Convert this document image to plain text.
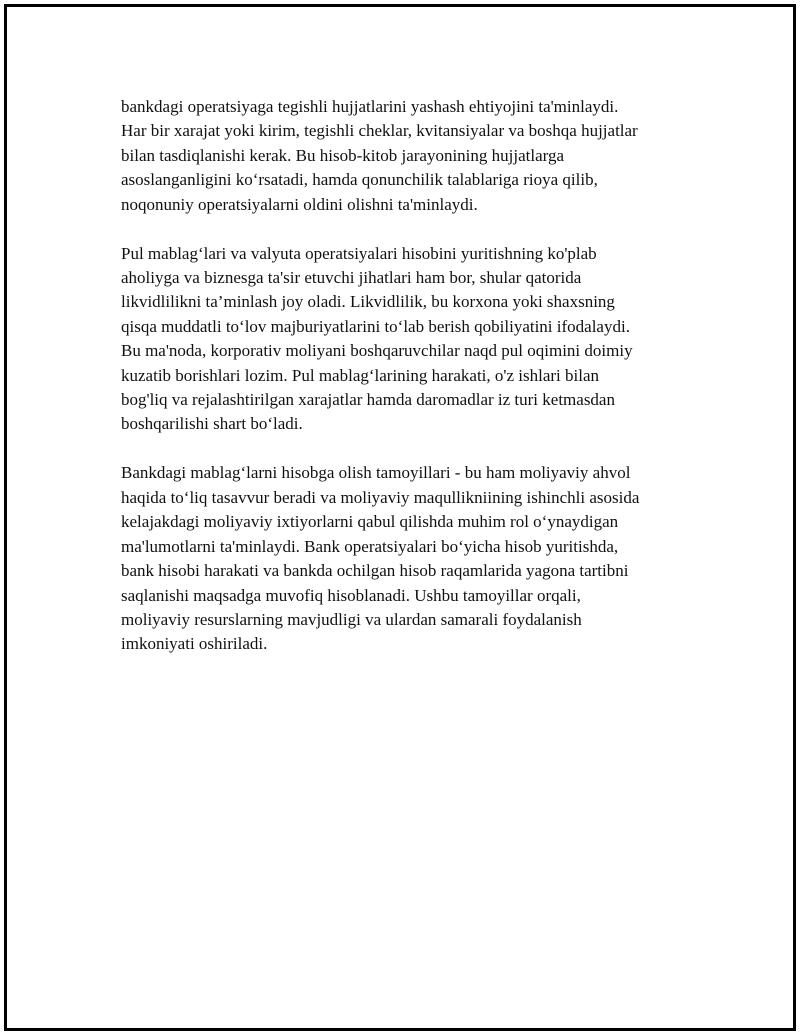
bankdagi operatsiyaga tegishli hujjatlarini yashash ehtiyojini ta'minlaydi.
Har bir xarajat yoki kirim, tegishli cheklar, kvitansiyalar va boshqa hujjatlar
bilan tasdiqlanishi kerak. Bu hisob-kitob jarayonining hujjatlarga
asoslanganligini ko‘rsatadi, hamda qonunchilik talablariga rioya qilib,
noqonuniy operatsiyalarni oldini olishni ta'minlaydi.

Pul mablag‘lari va valyuta operatsiyalari hisobini yuritishning ko'plab
aholiyga va biznesga ta'sir etuvchi jihatlari ham bor, shular qatorida
likvidlilikni ta’minlash joy oladi. Likvidlilik, bu korxona yoki shaxsning
qisqa muddatli to‘lov majburiyatlarini to‘lab berish qobiliyatini ifodalaydi.
Bu ma'noda, korporativ moliyani boshqaruvchilar naqd pul oqimini doimiy
kuzatib borishlari lozim. Pul mablag‘larining harakati, o'z ishlari bilan
bog'liq va rejalashtirilgan xarajatlar hamda daromadlar iz turi ketmasdan
boshqarilishi shart bo‘ladi.

Bankdagi mablag‘larni hisobga olish tamoyillari - bu ham moliyaviy ahvol
haqida to‘liq tasavvur beradi va moliyaviy maqullikniining ishinchli asosida
kelajakdagi moliyaviy ixtiyorlarni qabul qilishda muhim rol o‘ynaydigan
ma'lumotlarni ta'minlaydi. Bank operatsiyalari bo‘yicha hisob yuritishda,
bank hisobi harakati va bankda ochilgan hisob raqamlarida yagona tartibni
saqlanishi maqsadga muvofiq hisoblanadi. Ushbu tamoyillar orqali,
moliyaviy resurslarning mavjudligi va ulardan samarali foydalanish
imkoniyati oshiriladi.
